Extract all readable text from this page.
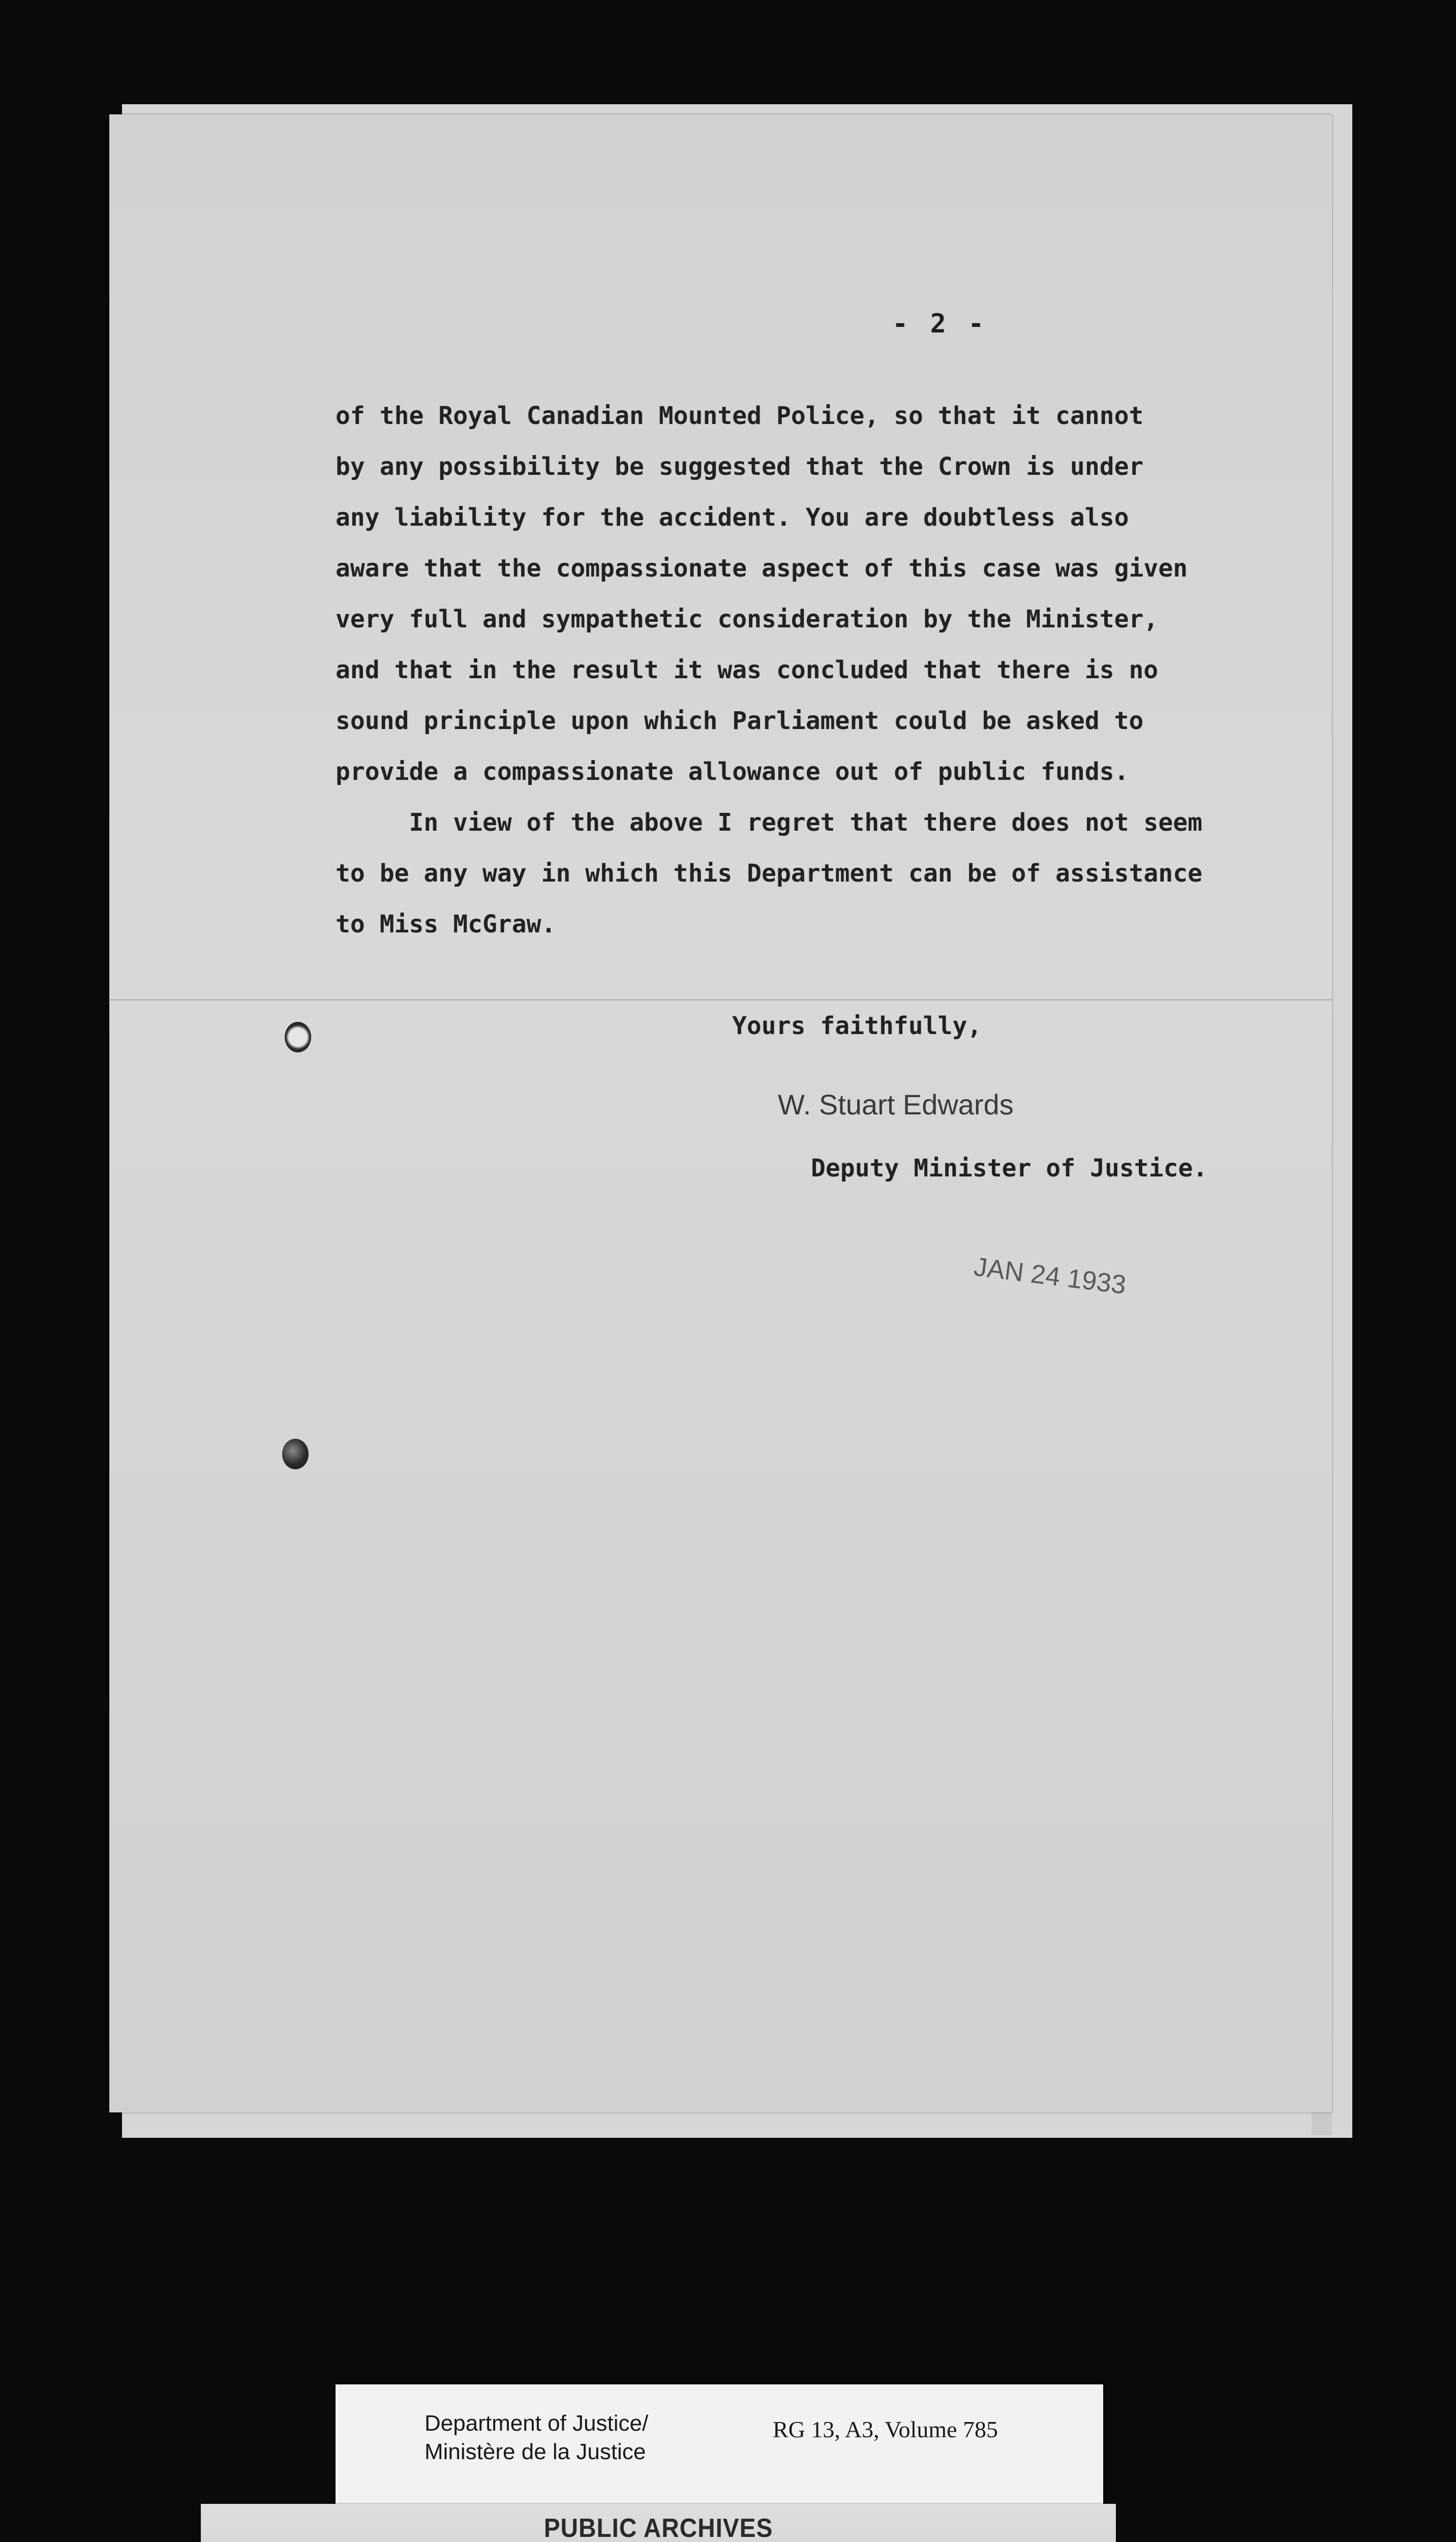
- 2 -

of the Royal Canadian Mounted Police, so that it cannot

by any possibility be suggested that the Crown is under

any liability for the accident. You are doubtless also

aware that the compassionate aspect of this case was given

very full and sympathetic consideration by the Minister,

and that in the result it was concluded that there is no

sound principle upon which Parliament could be asked to

provide a compassionate allowance out of public funds.

In view of the above I regret that there does not seem

to be any way in which this Department can be of assistance

to Miss McGraw.

Yours faithfully,

W. Stuart Edwards

Deputy Minister of Justice.

JAN 24 1933

Department of Justice/

Ministère de la Justice

RG 13, A3, Volume 785

PUBLIC ARCHIVES
